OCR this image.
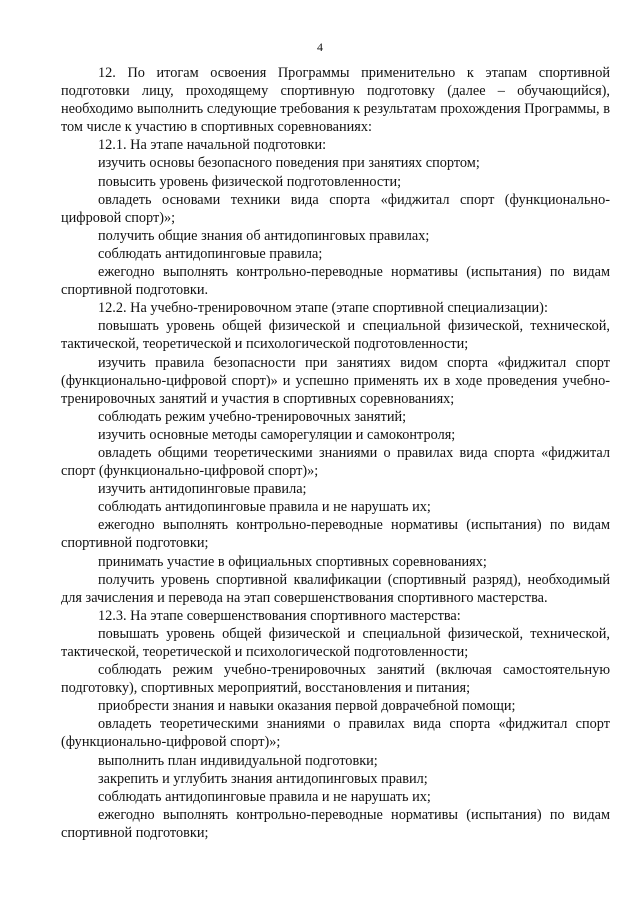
4

12. По итогам освоения Программы применительно к этапам спортивной подготовки лицу, проходящему спортивную подготовку (далее – обучающийся), необходимо выполнить следующие требования к результатам прохождения Программы, в том числе к участию в спортивных соревнованиях:

12.1. На этапе начальной подготовки:

изучить основы безопасного поведения при занятиях спортом;

повысить уровень физической подготовленности;

овладеть основами техники вида спорта «фиджитал спорт (функционально-цифровой спорт)»;

получить общие знания об антидопинговых правилах;

соблюдать антидопинговые правила;

ежегодно выполнять контрольно-переводные нормативы (испытания) по видам спортивной подготовки.

12.2. На учебно-тренировочном этапе (этапе спортивной специализации):

повышать уровень общей физической и специальной физической, технической, тактической, теоретической и психологической подготовленности;

изучить правила безопасности при занятиях видом спорта «фиджитал спорт (функционально-цифровой спорт)» и успешно применять их в ходе проведения учебно-тренировочных занятий и участия в спортивных соревнованиях;

соблюдать режим учебно-тренировочных занятий;

изучить основные методы саморегуляции и самоконтроля;

овладеть общими теоретическими знаниями о правилах вида спорта «фиджитал спорт (функционально-цифровой спорт)»;

изучить антидопинговые правила;

соблюдать антидопинговые правила и не нарушать их;

ежегодно выполнять контрольно-переводные нормативы (испытания) по видам спортивной подготовки;

принимать участие в официальных спортивных соревнованиях;

получить уровень спортивной квалификации (спортивный разряд), необходимый для зачисления и перевода на этап совершенствования спортивного мастерства.

12.3. На этапе совершенствования спортивного мастерства:

повышать уровень общей физической и специальной физической, технической, тактической, теоретической и психологической подготовленности;

соблюдать режим учебно-тренировочных занятий (включая самостоятельную подготовку), спортивных мероприятий, восстановления и питания;

приобрести знания и навыки оказания первой доврачебной помощи;

овладеть теоретическими знаниями о правилах вида спорта «фиджитал спорт (функционально-цифровой спорт)»;

выполнить план индивидуальной подготовки;

закрепить и углубить знания антидопинговых правил;

соблюдать антидопинговые правила и не нарушать их;

ежегодно выполнять контрольно-переводные нормативы (испытания) по видам спортивной подготовки;
